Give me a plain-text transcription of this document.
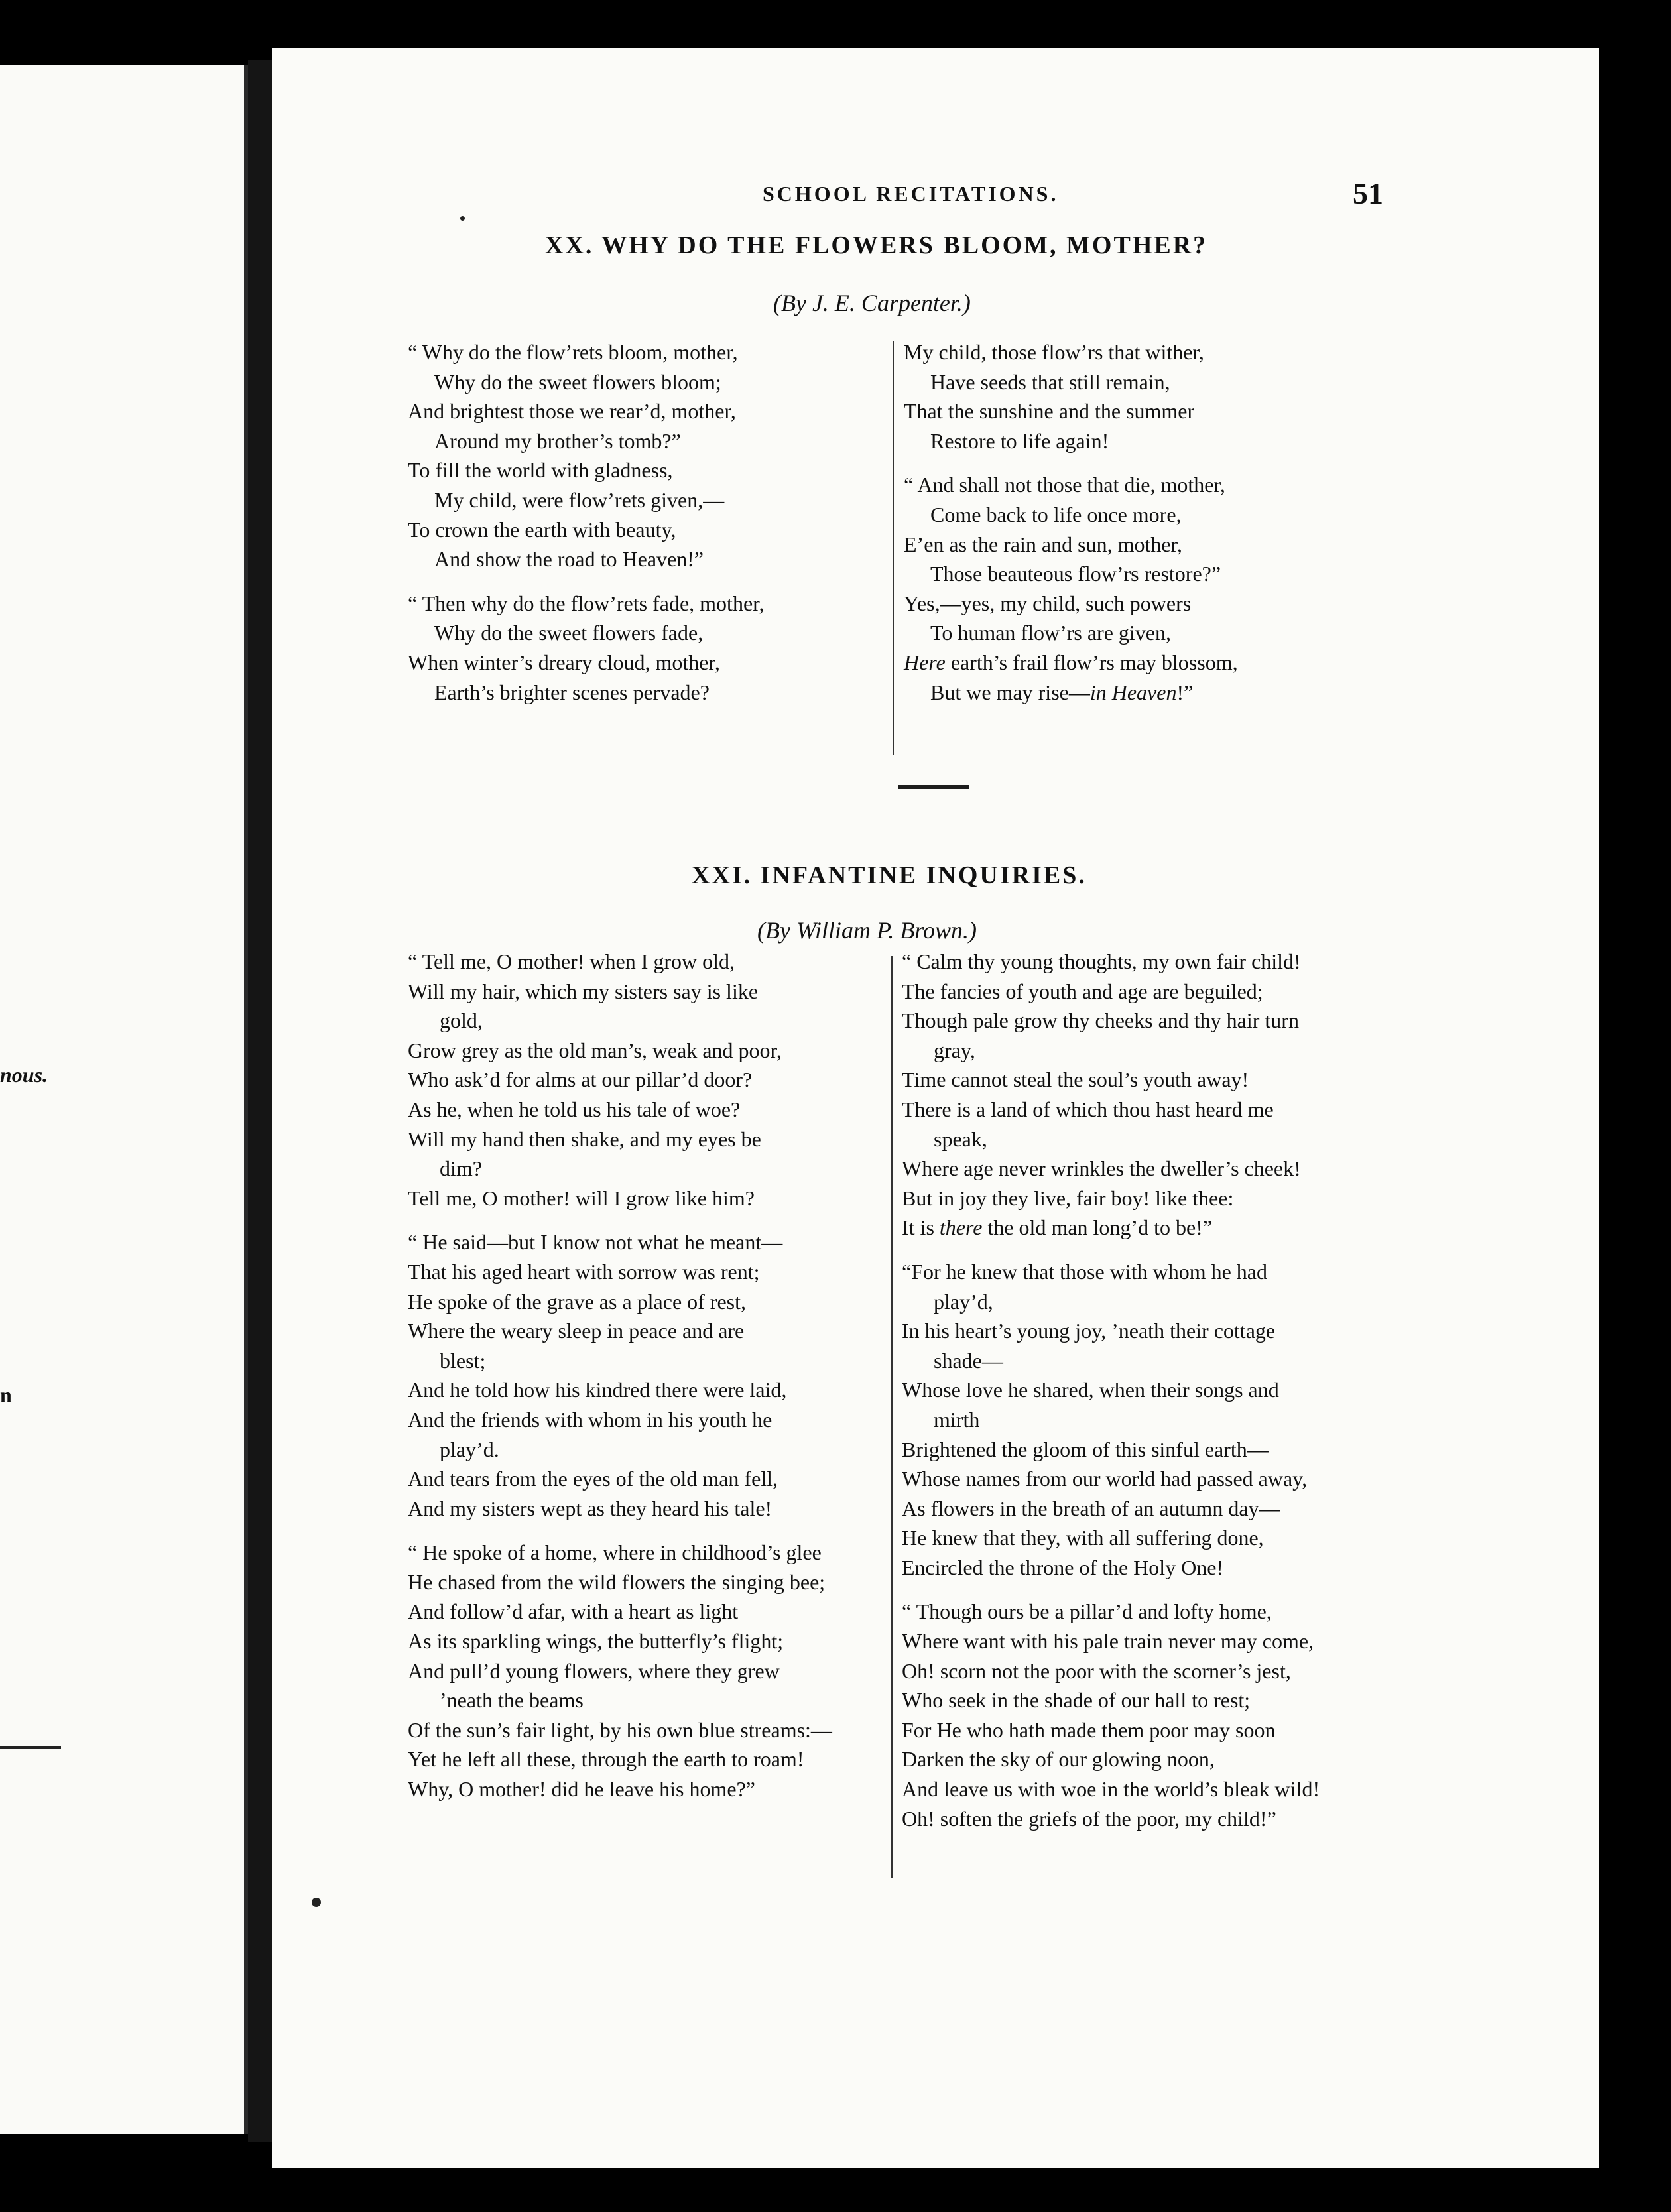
nous.
n
SCHOOL RECITATIONS.	51
XX. WHY DO THE FLOWERS BLOOM, MOTHER?
(By J. E. Carpenter.)
“ Why do the flow’rets bloom, mother,
Why do the sweet flowers bloom;
And brightest those we rear’d, mother,
Around my brother’s tomb?”
To fill the world with gladness,
My child, were flow’rets given,—
To crown the earth with beauty,
And show the road to Heaven!”
“ Then why do the flow’rets fade, mother,
Why do the sweet flowers fade,
When winter’s dreary cloud, mother,
Earth’s brighter scenes pervade?
My child, those flow’rs that wither,
Have seeds that still remain,
That the sunshine and the summer
Restore to life again!
“ And shall not those that die, mother,
Come back to life once more,
E’en as the rain and sun, mother,
Those beauteous flow’rs restore?”
Yes,—yes, my child, such powers
To human flow’rs are given,
Here earth’s frail flow’rs may blossom,
But we may rise—in Heaven!”
XXI. INFANTINE INQUIRIES.
(By William P. Brown.)
“ Tell me, O mother! when I grow old,
Will my hair, which my sisters say is like
gold,
Grow grey as the old man’s, weak and poor,
Who ask’d for alms at our pillar’d door?
As he, when he told us his tale of woe?
Will my hand then shake, and my eyes be
dim?
Tell me, O mother! will I grow like him?
“ He said—but I know not what he meant—
That his aged heart with sorrow was rent;
He spoke of the grave as a place of rest,
Where the weary sleep in peace and are
blest;
And he told how his kindred there were laid,
And the friends with whom in his youth he
play’d.
And tears from the eyes of the old man fell,
And my sisters wept as they heard his tale!
“ He spoke of a home, where in childhood’s glee
He chased from the wild flowers the singing bee;
And follow’d afar, with a heart as light
As its sparkling wings, the butterfly’s flight;
And pull’d young flowers, where they grew
’neath the beams
Of the sun’s fair light, by his own blue streams:—
Yet he left all these, through the earth to roam!
Why, O mother! did he leave his home?”
“ Calm thy young thoughts, my own fair child!
The fancies of youth and age are beguiled;
Though pale grow thy cheeks and thy hair turn
gray,
Time cannot steal the soul’s youth away!
There is a land of which thou hast heard me
speak,
Where age never wrinkles the dweller’s cheek!
But in joy they live, fair boy! like thee:
It is there the old man long’d to be!”
“For he knew that those with whom he had
play’d,
In his heart’s young joy, ’neath their cottage
shade—
Whose love he shared, when their songs and
mirth
Brightened the gloom of this sinful earth—
Whose names from our world had passed away,
As flowers in the breath of an autumn day—
He knew that they, with all suffering done,
Encircled the throne of the Holy One!
“ Though ours be a pillar’d and lofty home,
Where want with his pale train never may come,
Oh! scorn not the poor with the scorner’s jest,
Who seek in the shade of our hall to rest;
For He who hath made them poor may soon
Darken the sky of our glowing noon,
And leave us with woe in the world’s bleak wild!
Oh! soften the griefs of the poor, my child!”
